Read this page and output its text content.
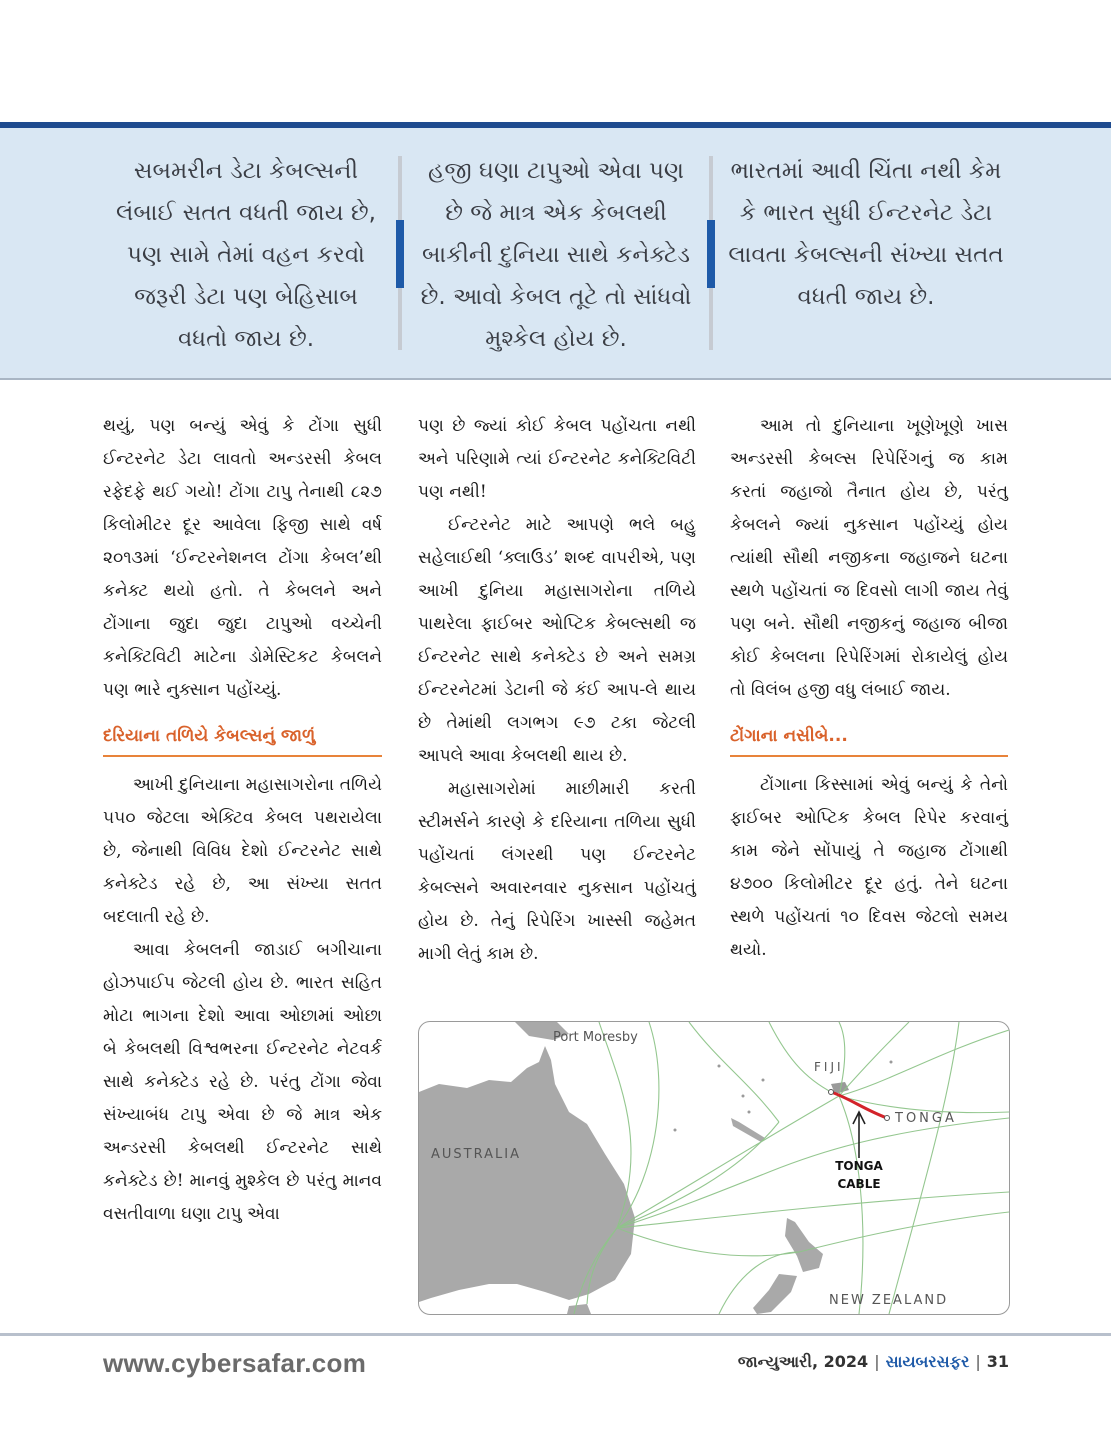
સબમરીન ડેટા કેબલ્સની લંબાઈ સતત વધતી જાય છે, પણ સામે તેમાં વહન કરવો જરૂરી ડેટા પણ બેહિસાબ વધતો જાય છે.
હજી ઘણા ટાપુઓ એવા પણ છે જે માત્ર એક કેબલથી બાકીની દુનિયા સાથે કનેક્ટેડ છે. આવો કેબલ તૂટે તો સાંધવો મુશ્કેલ હોય છે.
ભારતમાં આવી ચિંતા નથી કેમ કે ભારત સુધી ઈન્ટરનેટ ડેટા લાવતા કેબલ્સની સંખ્યા સતત વધતી જાય છે.

થયું, પણ બન્યું એવું કે ટોંગા સુધી ઈન્ટરનેટ ડેટા લાવતો અન્ડરસી કેબલ રફેદફે થઈ ગયો! ટોંગા ટાપુ તેનાથી ૮૨૭ કિલોમીટર દૂર આવેલા ફિજી સાથે વર્ષ ૨૦૧૩માં ‘ઈન્ટરનેશનલ ટોંગા કેબલ’થી કનેક્ટ થયો હતો. તે કેબલને અને ટોંગાના જુદા જુદા ટાપુઓ વચ્ચેની કનેક્ટિવિટી માટેના ડોમેસ્ટિકટ કેબલને પણ ભારે નુક્સાન પહોંચ્યું.

દરિયાના તળિયે કેબલ્સનું જાળું

આખી દુનિયાના મહાસાગરોના તળિયે ૫૫૦ જેટલા એક્ટિવ કેબલ પથરાયેલા છે, જેનાથી વિવિધ દેશો ઈન્ટરનેટ સાથે કનેક્ટેડ રહે છે, આ સંખ્યા સતત બદલાતી રહે છે.

આવા કેબલની જાડાઈ બગીચાના હોઝપાઈપ જેટલી હોય છે. ભારત સહિત મોટા ભાગના દેશો આવા ઓછામાં ઓછા બે કેબલથી વિશ્વભરના ઈન્ટરનેટ નેટવર્ક સાથે કનેક્ટેડ રહે છે. પરંતુ ટોંગા જેવા સંખ્યાબંધ ટાપુ એવા છે જે માત્ર એક અન્ડરસી કેબલથી ઈન્ટરનેટ સાથે કનેક્ટેડ છે! માનવું મુશ્કેલ છે પરંતુ માનવ વસતીવાળા ઘણા ટાપુ એવા

પણ છે જ્યાં કોઈ કેબલ પહોંચતા નથી અને પરિણામે ત્યાં ઈન્ટરનેટ કનેક્ટિવિટી પણ નથી!

ઈન્ટરનેટ માટે આપણે ભલે બહુ સહેલાઈથી ‘ક્લાઉડ’ શબ્દ વાપરીએ, પણ આખી દુનિયા મહાસાગરોના તળિયે પાથરેલા ફાઈબર ઓપ્ટિક કેબલ્સથી જ ઈન્ટરનેટ સાથે કનેક્ટેડ છે અને સમગ્ર ઈન્ટરનેટમાં ડેટાની જે કંઈ આપ-લે થાય છે તેમાંથી લગભગ ૯૭ ટકા જેટલી આપલે આવા કેબલથી થાય છે.

મહાસાગરોમાં માછીમારી કરતી સ્ટીમર્સને કારણે કે દરિયાના તળિયા સુધી પહોંચતાં લંગરથી પણ ઈન્ટરનેટ કેબલ્સને અવારનવાર નુકસાન પહોંચતું હોય છે. તેનું રિપેરિંગ ખાસ્સી જહેમત માગી લેતું કામ છે.

આમ તો દુનિયાના ખૂણેખૂણે ખાસ અન્ડરસી કેબલ્સ રિપેરિંગનું જ કામ કરતાં જહાજો તૈનાત હોય છે, પરંતુ કેબલને જ્યાં નુકસાન પહોંચ્યું હોય ત્યાંથી સૌથી નજીકના જહાજને ઘટના સ્થળે પહોંચતાં જ દિવસો લાગી જાય તેવું પણ બને. સૌથી નજીકનું જહાજ બીજા કોઈ કેબલના રિપેરિંગમાં રોકાયેલું હોય તો વિલંબ હજી વધુ લંબાઈ જાય.

ટોંગાના નસીબે...

ટોંગાના કિસ્સામાં એવું બન્યું કે તેનો ફાઈબર ઓપ્ટિક કેબલ રિપેર કરવાનું કામ જેને સોંપાયું તે જહાજ ટોંગાથી ૪૭૦૦ કિલોમીટર દૂર હતું. તેને ઘટના સ્થળે પહોંચતાં ૧૦ દિવસ જેટલો સમય થયો.

Port Moresby
AUSTRALIA
FIJI
TONGA
TONGA
CABLE
NEW ZEALAND
www.cybersafar.com	જાન્યુઆરી, 2024 | સાયબરસફર | 31
